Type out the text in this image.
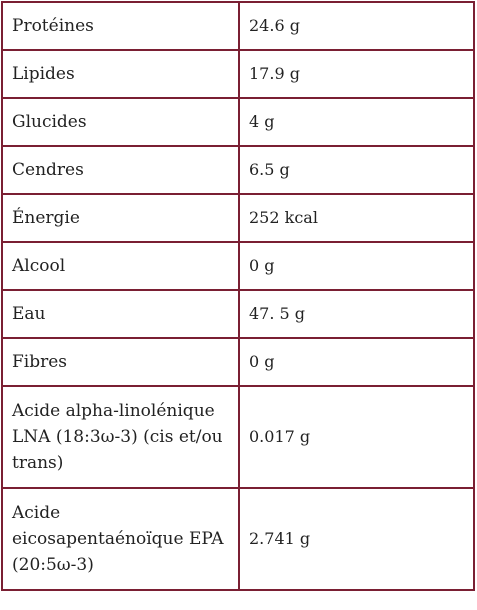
Protéines	24.6 g
Lipides	17.9 g
Glucides	4 g
Cendres	6.5 g
Énergie	252 kcal
Alcool	0 g
Eau	47. 5 g
Fibres	0 g
Acide alpha-linolénique LNA (18:3ω-3) (cis et/ou trans)	0.017 g
Acide eicosapentaénoïque EPA (20:5ω-3)	2.741 g
